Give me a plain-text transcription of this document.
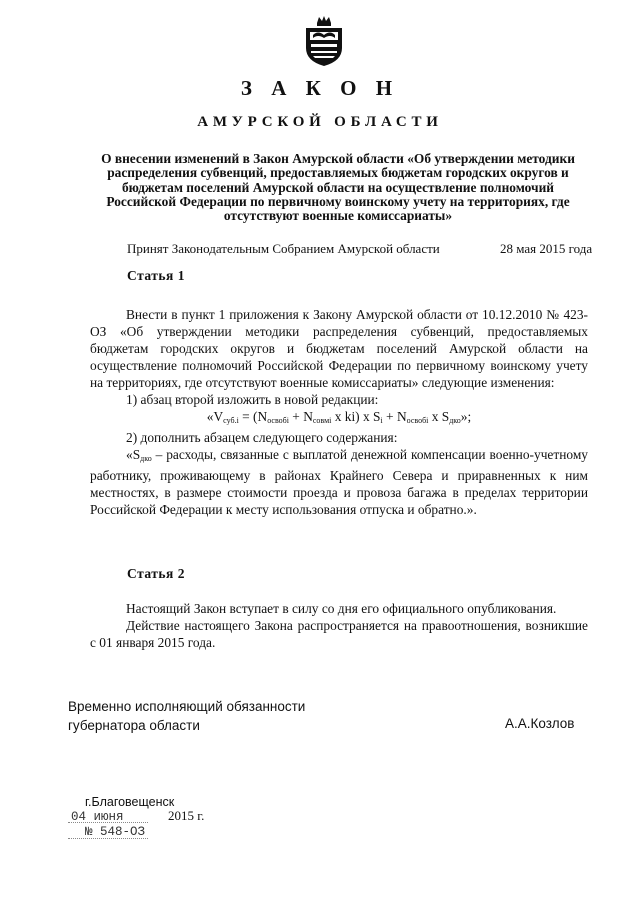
З А К О Н
АМУРСКОЙ ОБЛАСТИ
О внесении изменений в Закон Амурской области «Об утверждении методики распределения субвенций, предоставляемых бюджетам городских округов и бюджетам поселений Амурской области на осуществление полномочий Российской Федерации по первичному воинскому учету на территориях, где отсутствуют военные комиссариаты»
Принят Законодательным Собранием Амурской области	28 мая 2015 года
Статья 1

Внести в пункт 1 приложения к Закону Амурской области от 10.12.2010 № 423-ОЗ «Об утверждении методики распределения субвенций, предоставляемых бюджетам городских округов и бюджетам поселений Амурской области на осуществление полномочий Российской Федерации по первичному воинскому учету на территориях, где отсутствуют военные комиссариаты» следующие изменения:

1) абзац второй изложить в новой редакции:

«$V_{суб.i} = (N_{освобi} + N_{совмi}$ х ki) х $S_i + N_{освобi}$ х $S_{дко}$»;

2) дополнить абзацем следующего содержания:

«$S_{дко}$ – расходы, связанные с выплатой денежной компенсации военно-учетному работнику, проживающему в районах Крайнего Севера и приравненных к ним местностях, в размере стоимости проезда и провоза багажа в пределах территории Российской Федерации к месту использования отпуска и обратно.».

Статья 2

Настоящий Закон вступает в силу со дня его официального опубликования.

Действие настоящего Закона распространяется на правоотношения, возникшие с 01 января 2015 года.

Временно исполняющий обязанности
губернатора области	А.А.Козлов
г.Благовещенск
04 июня	2015 г.
№ 548-ОЗ
